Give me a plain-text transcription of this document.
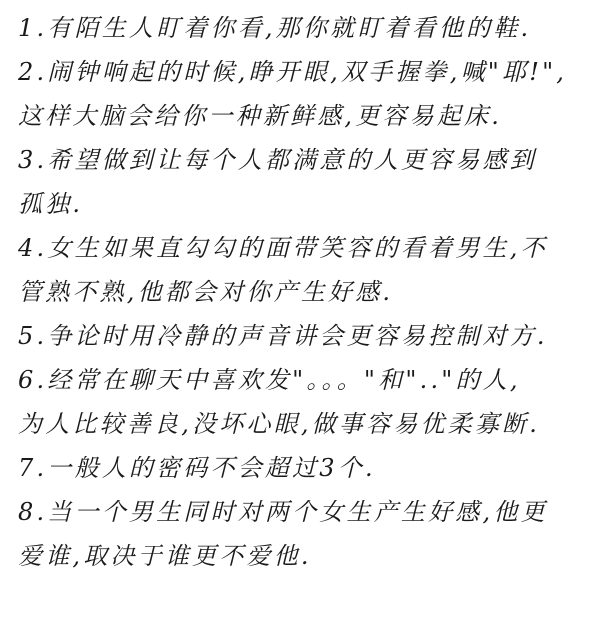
1.有陌生人盯着你看,那你就盯着看他的鞋.
2.闹钟响起的时候,睁开眼,双手握拳,喊"耶!",
这样大脑会给你一种新鲜感,更容易起床.
3.希望做到让每个人都满意的人更容易感到
孤独.
4.女生如果直勾勾的面带笑容的看着男生,不
管熟不熟,他都会对你产生好感.
5.争论时用冷静的声音讲会更容易控制对方.
6.经常在聊天中喜欢发"。。。"和".."的人,
为人比较善良,没坏心眼,做事容易优柔寡断.
7.一般人的密码不会超过3个.
8.当一个男生同时对两个女生产生好感,他更
爱谁,取决于谁更不爱他.
